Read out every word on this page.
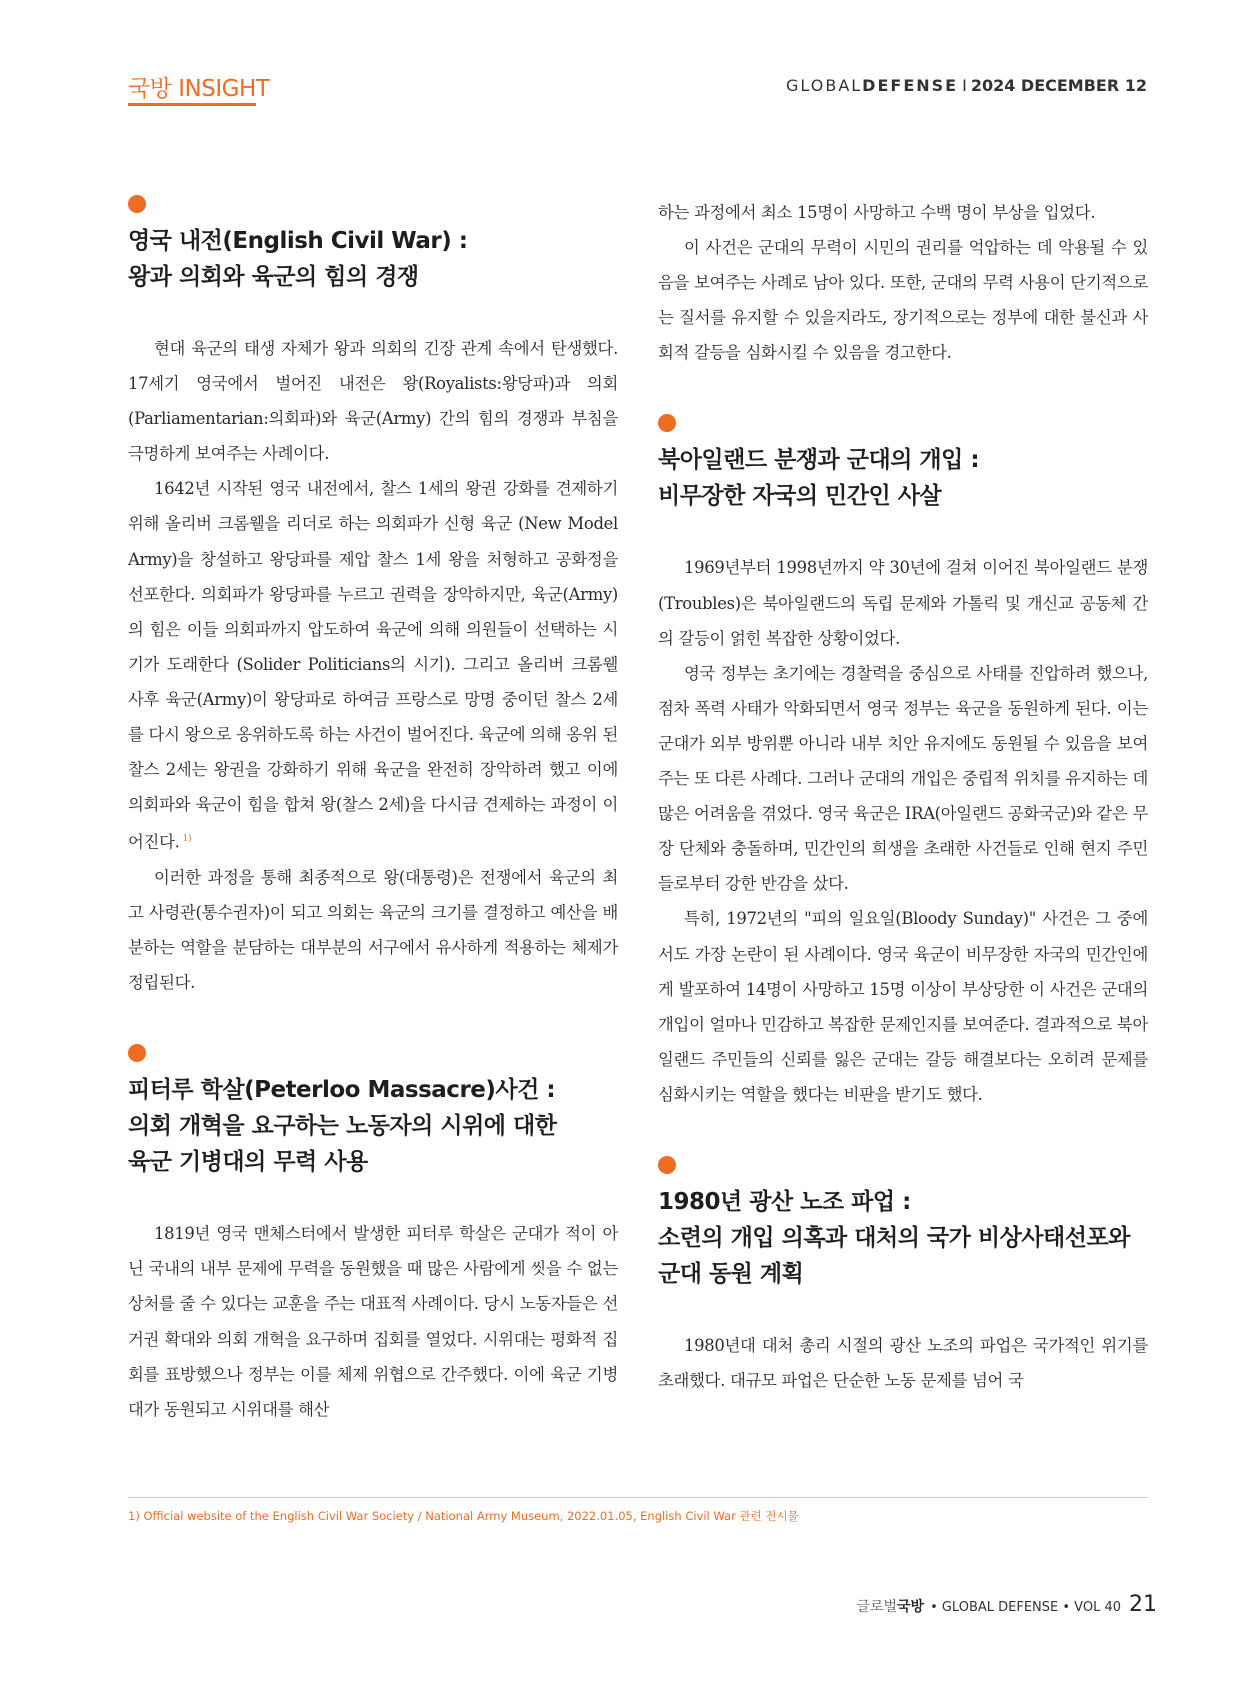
국방 INSIGHT	GLOBALDEFENSE I 2024 DECEMBER 12
영국 내전(English Civil War) :
왕과 의회와 육군의 힘의 경쟁

현대 육군의 태생 자체가 왕과 의회의 긴장 관계 속에서 탄생했다. 17세기 영국에서 벌어진 내전은 왕(Royalists:왕당파)과 의회(Parliamentarian:의회파)와 육군(Army) 간의 힘의 경쟁과 부침을 극명하게 보여주는 사례이다.

1642년 시작된 영국 내전에서, 찰스 1세의 왕권 강화를 견제하기 위해 올리버 크롬웰을 리더로 하는 의회파가 신형 육군 (New Model Army)을 창설하고 왕당파를 제압 찰스 1세 왕을 처형하고 공화정을 선포한다. 의회파가 왕당파를 누르고 권력을 장악하지만, 육군(Army)의 힘은 이들 의회파까지 압도하여 육군에 의해 의원들이 선택하는 시기가 도래한다 (Solider Politicians의 시기). 그리고 올리버 크롬웰 사후 육군(Army)이 왕당파로 하여금 프랑스로 망명 중이던 찰스 2세를 다시 왕으로 옹위하도록 하는 사건이 벌어진다. 육군에 의해 옹위 된 찰스 2세는 왕권을 강화하기 위해 육군을 완전히 장악하려 했고 이에 의회파와 육군이 힘을 합쳐 왕(찰스 2세)을 다시금 견제하는 과정이 이어진다. $^{1)}$

이러한 과정을 통해 최종적으로 왕(대통령)은 전쟁에서 육군의 최고 사령관(통수권자)이 되고 의회는 육군의 크기를 결정하고 예산을 배분하는 역할을 분담하는 대부분의 서구에서 유사하게 적용하는 체제가 정립된다.

피터루 학살(Peterloo Massacre)사건 :
의회 개혁을 요구하는 노동자의 시위에 대한
육군 기병대의 무력 사용

1819년 영국 맨체스터에서 발생한 피터루 학살은 군대가 적이 아닌 국내의 내부 문제에 무력을 동원했을 때 많은 사람에게 씻을 수 없는 상처를 줄 수 있다는 교훈을 주는 대표적 사례이다. 당시 노동자들은 선거권 확대와 의회 개혁을 요구하며 집회를 열었다. 시위대는 평화적 집회를 표방했으나 정부는 이를 체제 위협으로 간주했다. 이에 육군 기병대가 동원되고 시위대를 해산

하는 과정에서 최소 15명이 사망하고 수백 명이 부상을 입었다.

이 사건은 군대의 무력이 시민의 권리를 억압하는 데 악용될 수 있음을 보여주는 사례로 남아 있다. 또한, 군대의 무력 사용이 단기적으로는 질서를 유지할 수 있을지라도, 장기적으로는 정부에 대한 불신과 사회적 갈등을 심화시킬 수 있음을 경고한다.

북아일랜드 분쟁과 군대의 개입 :
비무장한 자국의 민간인 사살

1969년부터 1998년까지 약 30년에 걸쳐 이어진 북아일랜드 분쟁(Troubles)은 북아일랜드의 독립 문제와 가톨릭 및 개신교 공동체 간의 갈등이 얽힌 복잡한 상황이었다.

영국 정부는 초기에는 경찰력을 중심으로 사태를 진압하려 했으나, 점차 폭력 사태가 악화되면서 영국 정부는 육군을 동원하게 된다. 이는 군대가 외부 방위뿐 아니라 내부 치안 유지에도 동원될 수 있음을 보여주는 또 다른 사례다. 그러나 군대의 개입은 중립적 위치를 유지하는 데 많은 어려움을 겪었다. 영국 육군은 IRA(아일랜드 공화국군)와 같은 무장 단체와 충돌하며, 민간인의 희생을 초래한 사건들로 인해 현지 주민들로부터 강한 반감을 샀다.

특히, 1972년의 "피의 일요일(Bloody Sunday)" 사건은 그 중에서도 가장 논란이 된 사례이다. 영국 육군이 비무장한 자국의 민간인에게 발포하여 14명이 사망하고 15명 이상이 부상당한 이 사건은 군대의 개입이 얼마나 민감하고 복잡한 문제인지를 보여준다. 결과적으로 북아일랜드 주민들의 신뢰를 잃은 군대는 갈등 해결보다는 오히려 문제를 심화시키는 역할을 했다는 비판을 받기도 했다.

1980년 광산 노조 파업 :
소련의 개입 의혹과 대처의 국가 비상사태선포와
군대 동원 계획

1980년대 대처 총리 시절의 광산 노조의 파업은 국가적인 위기를 초래했다. 대규모 파업은 단순한 노동 문제를 넘어 국

1) Official website of the English Civil War Society / National Army Museum, 2022.01.05, English Civil War 관련 전시물
글로벌국방 • GLOBAL DEFENSE • VOL 40 21
